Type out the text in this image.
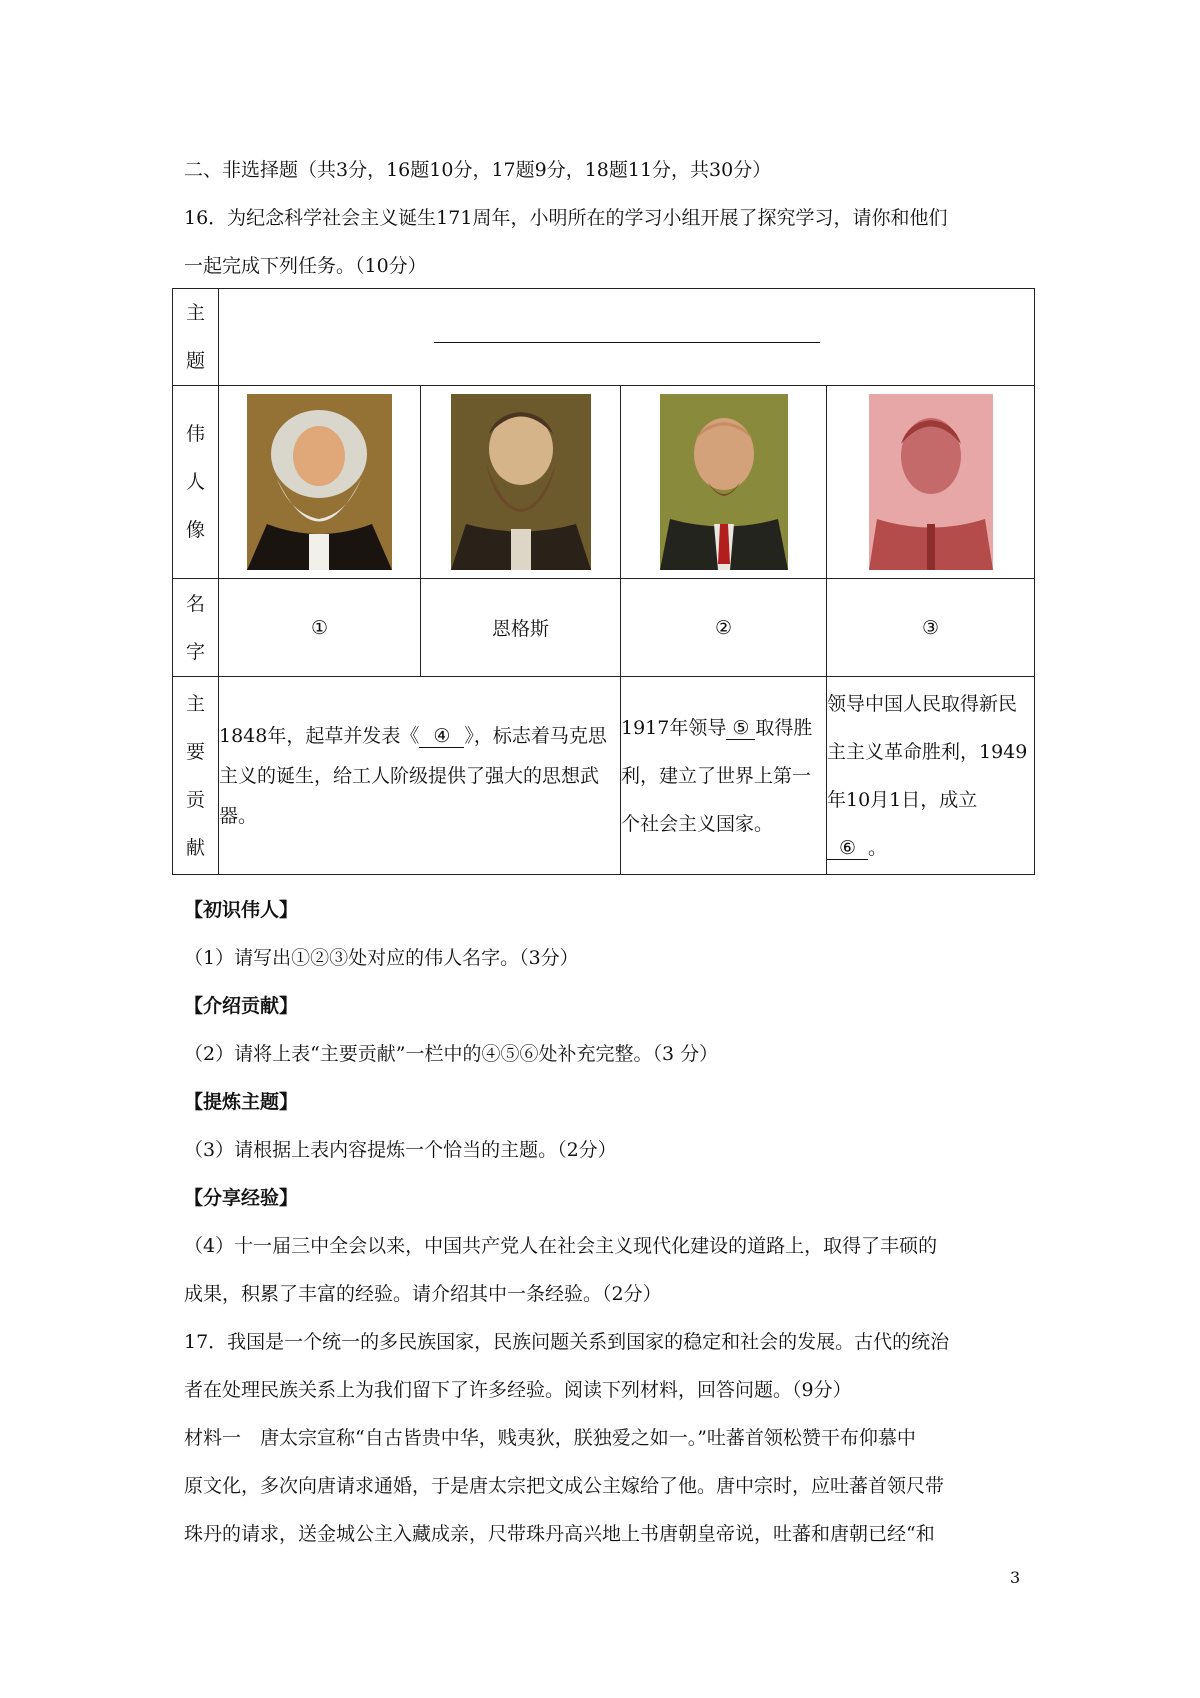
二、非选择题（共3分，16题10分，17题9分，18题11分，共30分）
16．为纪念科学社会主义诞生171周年，小明所在的学习小组开展了探究学习，请你和他们
一起完成下列任务。（10分）
主题				
伟人像	

名字	①	恩格斯	②	③
主要贡献	1848年，起草并发表《 ④ 》，标志着马克思主义的诞生，给工人阶级提供了强大的思想武器。		1917年领导 ⑤ 取得胜利，建立了世界上第一个社会主义国家。	领导中国人民取得新民主主义革命胜利，1949年10月1日，成立⑥ 。
【初识伟人】
（1）请写出①②③处对应的伟人名字。（3分）
【介绍贡献】
（2）请将上表“主要贡献”一栏中的④⑤⑥处补充完整。（3 分）
【提炼主题】
（3）请根据上表内容提炼一个恰当的主题。（2分）
【分享经验】
（4）十一届三中全会以来，中国共产党人在社会主义现代化建设的道路上，取得了丰硕的
成果，积累了丰富的经验。请介绍其中一条经验。（2分）
17．我国是一个统一的多民族国家，民族问题关系到国家的稳定和社会的发展。古代的统治
者在处理民族关系上为我们留下了许多经验。阅读下列材料，回答问题。（9分）
材料一　唐太宗宣称“自古皆贵中华，贱夷狄，朕独爱之如一。”吐蕃首领松赞干布仰慕中
原文化，多次向唐请求通婚，于是唐太宗把文成公主嫁给了他。唐中宗时，应吐蕃首领尺带
珠丹的请求，送金城公主入藏成亲，尺带珠丹高兴地上书唐朝皇帝说，吐蕃和唐朝已经“和
3
